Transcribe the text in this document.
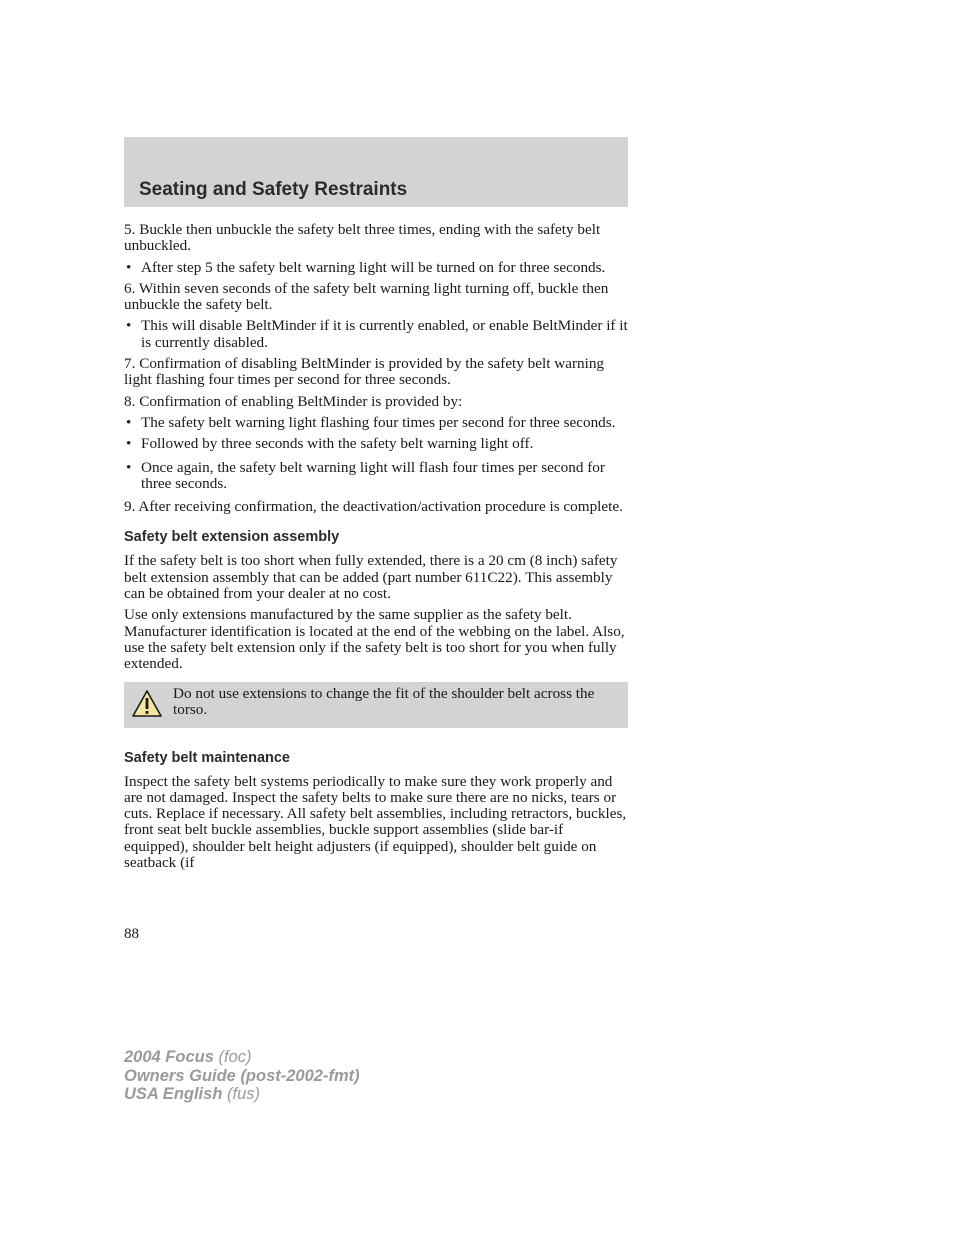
Seating and Safety Restraints

5. Buckle then unbuckle the safety belt three times, ending with the safety belt unbuckled.

• After step 5 the safety belt warning light will be turned on for three seconds.

6. Within seven seconds of the safety belt warning light turning off, buckle then unbuckle the safety belt.

• This will disable BeltMinder if it is currently enabled, or enable BeltMinder if it is currently disabled.

7. Confirmation of disabling BeltMinder is provided by the safety belt warning light flashing four times per second for three seconds.

8. Confirmation of enabling BeltMinder is provided by:

• The safety belt warning light flashing four times per second for three seconds.
• Followed by three seconds with the safety belt warning light off.
• Once again, the safety belt warning light will flash four times per second for three seconds.

9. After receiving confirmation, the deactivation/activation procedure is complete.

Safety belt extension assembly

If the safety belt is too short when fully extended, there is a 20 cm (8 inch) safety belt extension assembly that can be added (part number 611C22). This assembly can be obtained from your dealer at no cost.

Use only extensions manufactured by the same supplier as the safety belt. Manufacturer identification is located at the end of the webbing on the label. Also, use the safety belt extension only if the safety belt is too short for you when fully extended.

Do not use extensions to change the fit of the shoulder belt across the torso.
Safety belt maintenance

Inspect the safety belt systems periodically to make sure they work properly and are not damaged. Inspect the safety belts to make sure there are no nicks, tears or cuts. Replace if necessary. All safety belt assemblies, including retractors, buckles, front seat belt buckle assemblies, buckle support assemblies (slide bar-if equipped), shoulder belt height adjusters (if equipped), shoulder belt guide on seatback (if

88
2004 Focus (foc)
Owners Guide (post-2002-fmt)
USA English (fus)
